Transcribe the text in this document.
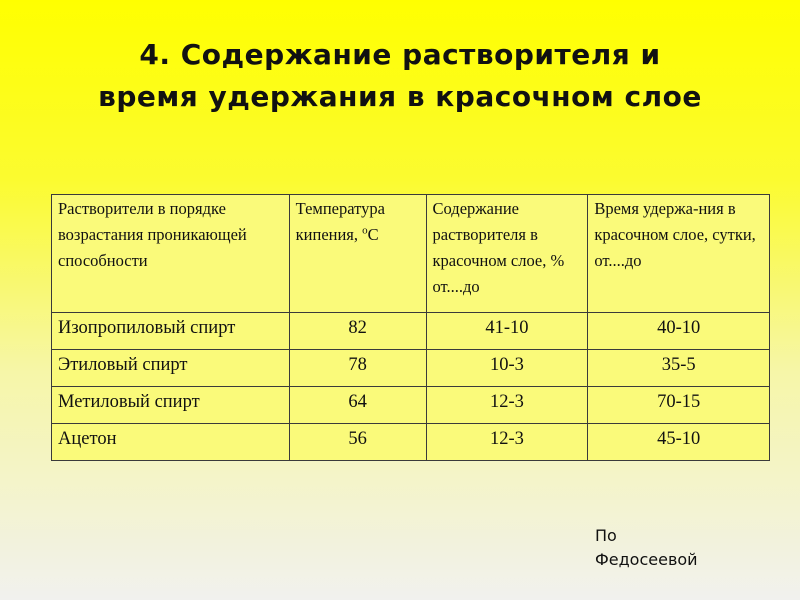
4. Содержание растворителя и
время удержания в красочном слое
Растворители в порядке возрастания проникающей способности	Температура кипения, $^o$C	Содержание растворителя в красочном слое, % от....до	Время удержа-ния в красочном слое, сутки, от....до
Изопропиловый спирт	82	41-10	40-10
Этиловый спирт	78	10-3	35-5
Метиловый спирт	64	12-3	70-15
Ацетон	56	12-3	45-10
По
Федосеевой
